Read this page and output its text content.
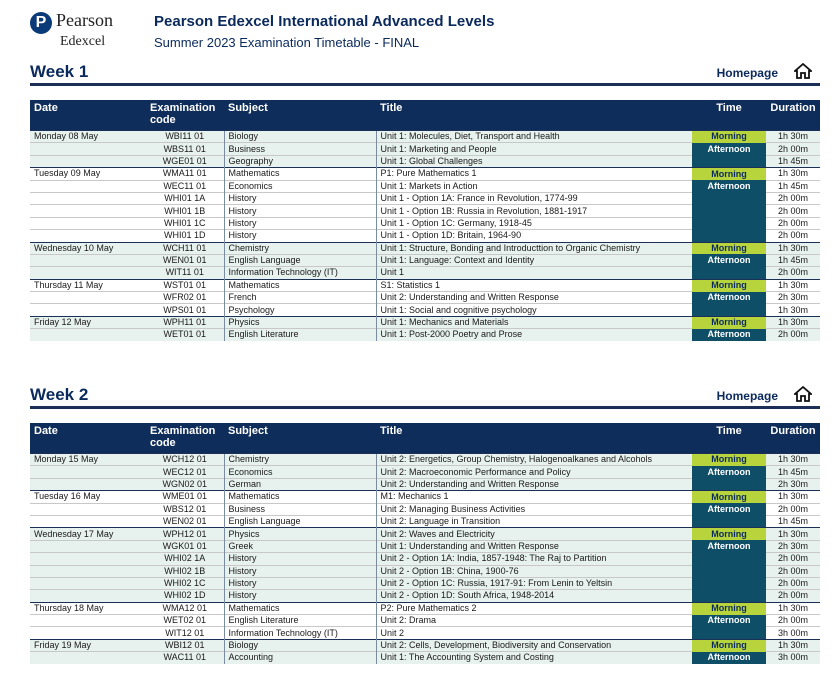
P Pearson
Edexcel
Pearson Edexcel International Advanced Levels
Summer 2023 Examination Timetable - FINAL
Week 1	Homepage
Date	Examination code	Subject	Title	Time	Duration
Monday 08 May	WBI11 01	Biology	Unit 1: Molecules, Diet, Transport and Health	Morning	1h 30m
	WBS11 01	Business	Unit 1: Marketing and People	Afternoon	2h 00m
	WGE01 01	Geography	Unit 1: Global Challenges		1h 45m
Tuesday 09 May	WMA11 01	Mathematics	P1: Pure Mathematics 1	Morning	1h 30m
	WEC11 01	Economics	Unit 1: Markets in Action	Afternoon	1h 45m
	WHI01 1A	History	Unit 1 - Option 1A: France in Revolution, 1774-99		2h 00m
	WHI01 1B	History	Unit 1 - Option 1B: Russia in Revolution, 1881-1917		2h 00m
	WHI01 1C	History	Unit 1 - Option 1C: Germany, 1918-45		2h 00m
	WHI01 1D	History	Unit 1 - Option 1D: Britain, 1964-90		2h 00m
Wednesday 10 May	WCH11 01	Chemistry	Unit 1: Structure, Bonding and Introducttion to Organic Chemistry	Morning	1h 30m
	WEN01 01	English Language	Unit 1: Language: Context and Identity	Afternoon	1h 45m
	WIT11 01	Information Technology (IT)	Unit 1		2h 00m
Thursday 11 May	WST01 01	Mathematics	S1: Statistics 1	Morning	1h 30m
	WFR02 01	French	Unit 2: Understanding and Written Response	Afternoon	2h 30m
	WPS01 01	Psychology	Unit 1: Social and cognitive psychology		1h 30m
Friday 12 May	WPH11 01	Physics	Unit 1: Mechanics and Materials	Morning	1h 30m
	WET01 01	English Literature	Unit 1: Post-2000 Poetry and Prose	Afternoon	2h 00m
Week 2	Homepage
Date	Examination code	Subject	Title	Time	Duration
Monday 15 May	WCH12 01	Chemistry	Unit 2: Energetics, Group Chemistry, Halogenoalkanes and Alcohols	Morning	1h 30m
	WEC12 01	Economics	Unit 2: Macroeconomic Performance and Policy	Afternoon	1h 45m
	WGN02 01	German	Unit 2: Understanding and Written Response		2h 30m
Tuesday 16 May	WME01 01	Mathematics	M1: Mechanics 1	Morning	1h 30m
	WBS12 01	Business	Unit 2: Managing Business Activities	Afternoon	2h 00m
	WEN02 01	English Language	Unit 2: Language in Transition		1h 45m
Wednesday 17 May	WPH12 01	Physics	Unit 2: Waves and Electricity	Morning	1h 30m
	WGK01 01	Greek	Unit 1: Understanding and Written Response	Afternoon	2h 30m
	WHI02 1A	History	Unit 2 - Option 1A: India, 1857-1948: The Raj to Partition		2h 00m
	WHI02 1B	History	Unit 2 - Option 1B: China, 1900-76		2h 00m
	WHI02 1C	History	Unit 2 - Option 1C: Russia, 1917-91: From Lenin to Yeltsin		2h 00m
	WHI02 1D	History	Unit 2 - Option 1D: South Africa, 1948-2014		2h 00m
Thursday 18 May	WMA12 01	Mathematics	P2: Pure Mathematics 2	Morning	1h 30m
	WET02 01	English Literature	Unit 2: Drama	Afternoon	2h 00m
	WIT12 01	Information Technology (IT)	Unit 2		3h 00m
Friday 19 May	WBI12 01	Biology	Unit 2: Cells, Development, Biodiversity and Conservation	Morning	1h 30m
	WAC11 01	Accounting	Unit 1: The Accounting System and Costing	Afternoon	3h 00m
